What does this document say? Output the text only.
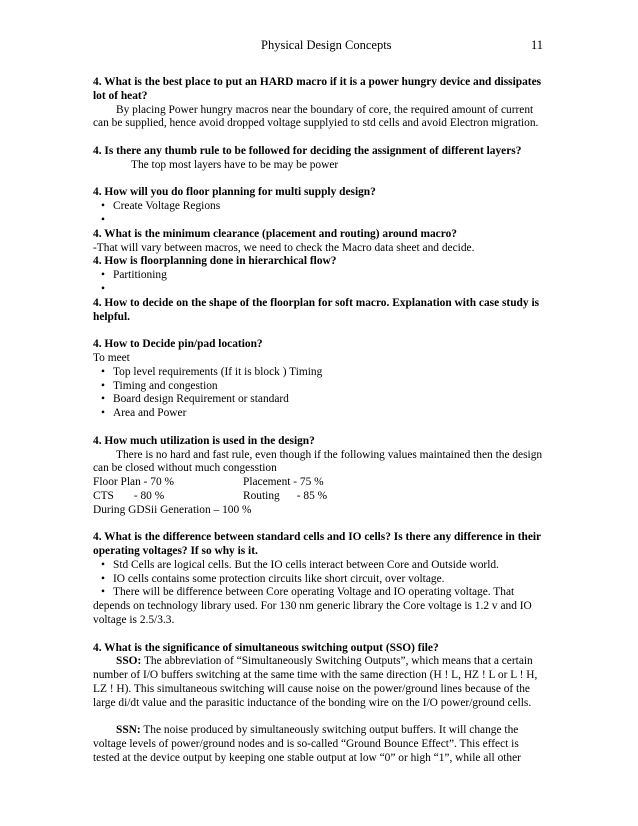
Physical Design Concepts	11
4. What is the best place to put an HARD macro if it is a power hungry device and dissipates lot of heat?
By placing Power hungry macros near the boundary of core, the required amount of current can be supplied, hence avoid dropped voltage supplyied to std cells and avoid Electron migration.
4. Is there any thumb rule to be followed for deciding the assignment of different layers?
The top most layers have to be may be power
4. How will you do floor planning for multi supply design?
• Create Voltage Regions
•
4. What is the minimum clearance (placement and routing) around macro?
-That will vary between macros, we need to check the Macro data sheet and decide.
4. How is floorplanning done in hierarchical flow?
• Partitioning
•
4. How to decide on the shape of the floorplan for soft macro. Explanation with case study is helpful.
4. How to Decide pin/pad location?
To meet
• Top level requirements (If it is block ) Timing
• Timing and congestion
• Board design Requirement or standard
• Area and Power
4. How much utilization is used in the design?
There is no hard and fast rule, even though if the following values maintained then the design can be closed without much congesstion
Floor Plan - 70 %	Placement - 75 %
CTS       - 80 %	Routing      - 85 %
During GDSii Generation – 100 %
4. What is the difference between standard cells and IO cells? Is there any difference in their operating voltages? If so why is it.
• Std Cells are logical cells. But the IO cells interact between Core and Outside world.
• IO cells contains some protection circuits like short circuit, over voltage.
• There will be difference between Core operating Voltage and IO operating voltage. That depends on technology library used. For 130 nm generic library the Core voltage is 1.2 v and IO voltage is 2.5/3.3.
4. What is the significance of simultaneous switching output (SSO) file?
SSO: The abbreviation of “Simultaneously Switching Outputs”, which means that a certain number of I/O buffers switching at the same time with the same direction (H ! L, HZ ! L or L ! H, LZ ! H). This simultaneous switching will cause noise on the power/ground lines because of the large di/dt value and the parasitic inductance of the bonding wire on the I/O power/ground cells.
SSN: The noise produced by simultaneously switching output buffers. It will change the voltage levels of power/ground nodes and is so-called “Ground Bounce Effect”. This effect is tested at the device output by keeping one stable output at low “0” or high “1”, while all other
